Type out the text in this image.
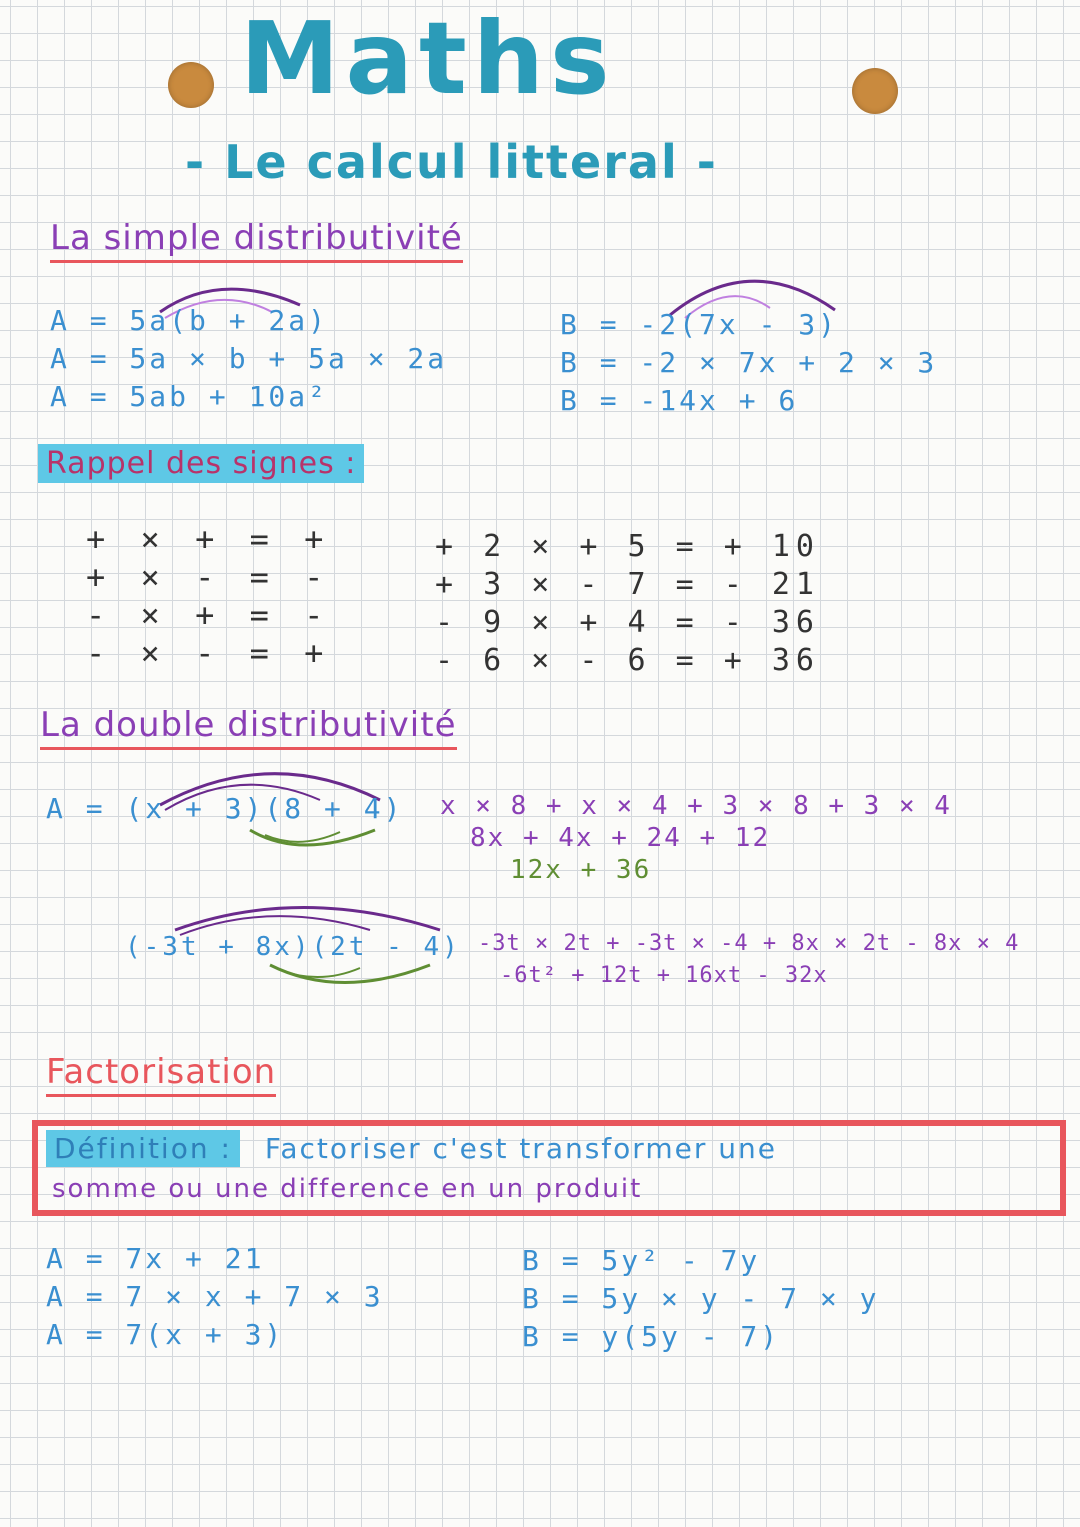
Maths
- Le calcul litteral -
La simple distributivité
A = 5a(b + 2a)
A = 5a × b + 5a × 2a
A = 5ab + 10a²
B = -2(7x - 3)
B = -2 × 7x + 2 × 3
B = -14x + 6
Rappel des signes :
+ × + = +
+ × - = -
- × + = -
- × - = +
+ 2 × + 5 = + 10
+ 3 × - 7 = - 21
- 9 × + 4 = - 36
- 6 × - 6 = + 36
La double distributivité
A = (x + 3)(8 + 4) x × 8 + x × 4 + 3 × 8 + 3 × 4
8x + 4x + 24 + 12
12x + 36
(-3t + 8x)(2t - 4) -3t × 2t + -3t × -4 + 8x × 2t - 8x × 4
-6t² + 12t + 16xt - 32x
Factorisation
Définition : Factoriser c'est transformer une
somme ou une difference en un produit
A = 7x + 21
A = 7 × x + 7 × 3
A = 7(x + 3)
B = 5y² - 7y
B = 5y × y - 7 × y
B = y(5y - 7)
